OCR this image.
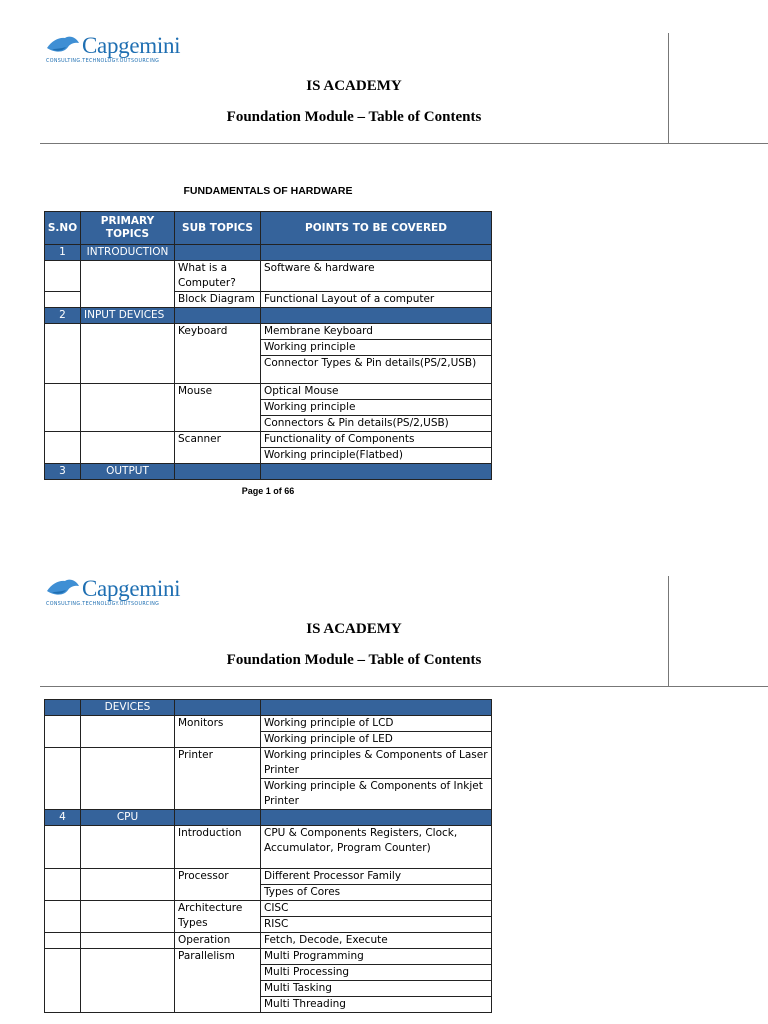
Capgemini
CONSULTING.TECHNOLOGY.OUTSOURCING
IS ACADEMY
Foundation Module – Table of Contents
FUNDAMENTALS OF HARDWARE
S.NO	PRIMARY TOPICS	SUB TOPICS	POINTS TO BE COVERED
1	INTRODUCTION		
		What is a Computer?	Software & hardware
		Block Diagram	Functional Layout of a computer
2	INPUT DEVICES		
		Keyboard	Membrane Keyboard
			Working principle
			Connector Types & Pin details(PS/2,USB)
		Mouse	Optical Mouse
			Working principle
			Connectors & Pin details(PS/2,USB)
		Scanner	Functionality of Components
			Working principle(Flatbed)
3	OUTPUT		
Page 1 of 66
Capgemini
CONSULTING.TECHNOLOGY.OUTSOURCING
IS ACADEMY
Foundation Module – Table of Contents
	DEVICES		
		Monitors	Working principle of LCD
			Working principle of LED
		Printer	Working principles & Components of Laser Printer
			Working principle & Components of Inkjet Printer
4	CPU		
		Introduction	CPU & Components Registers, Clock, Accumulator, Program Counter)
		Processor	Different Processor Family
			Types of Cores
		Architecture Types	CISC
			RISC
		Operation	Fetch, Decode, Execute
		Parallelism	Multi Programming
			Multi Processing
			Multi Tasking
			Multi Threading
